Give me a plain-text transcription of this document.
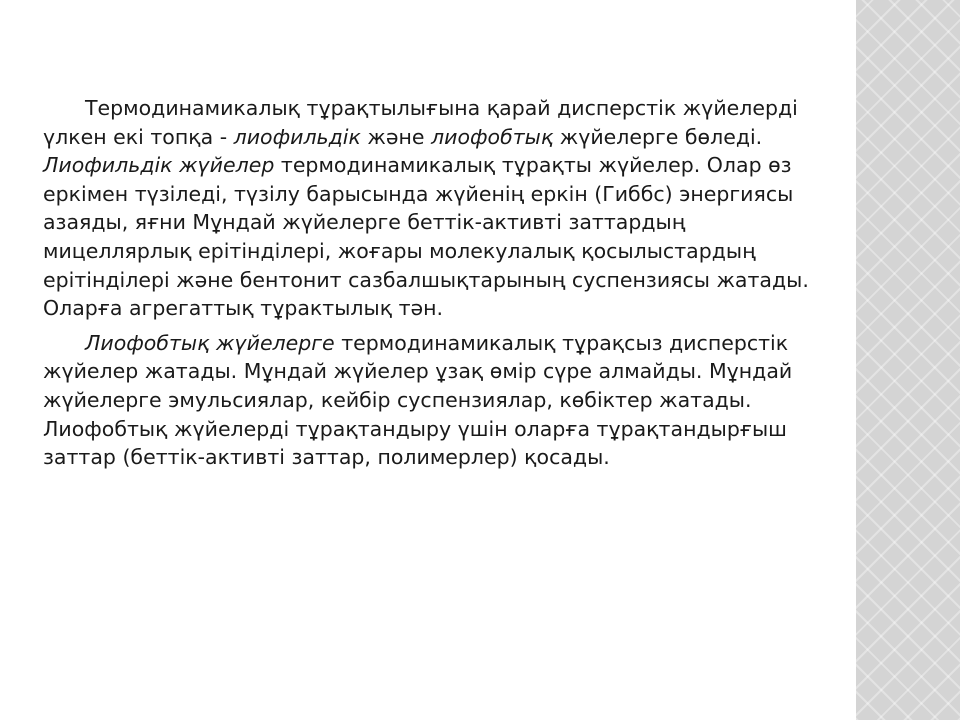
Термодинамикалық тұрақтылығына қарай дисперстік жүйелерді үлкен екі топқа - лиофильдік және лиофобтық жүйелерге бөледі. Лиофильдік жүйелер термодинамикалық тұрақты жүйелер. Олар өз еркімен түзіледі, түзілу барысында жүйенің еркін (Гиббс) энергиясы азаяды, яғни Мұндай жүйелерге беттік-активті заттардың мицеллярлық ерітінділері, жоғары молекулалық қосылыстардың ерітінділері және бентонит сазбалшықтарының суспензиясы жатады. Оларға агрегаттық тұрактылық тән.

Лиофобтық жүйелерге термодинамикалық тұрақсыз дисперстік жүйелер жатады. Мұндай жүйелер ұзақ өмір сүре алмайды. Мұндай жүйелерге эмульсиялар, кейбір суспензиялар, көбіктер жатады. Лиофобтық жүйелерді тұрақтандыру үшін оларға тұрақтандырғыш заттар (беттік-активті заттар, полимерлер) қосады.
